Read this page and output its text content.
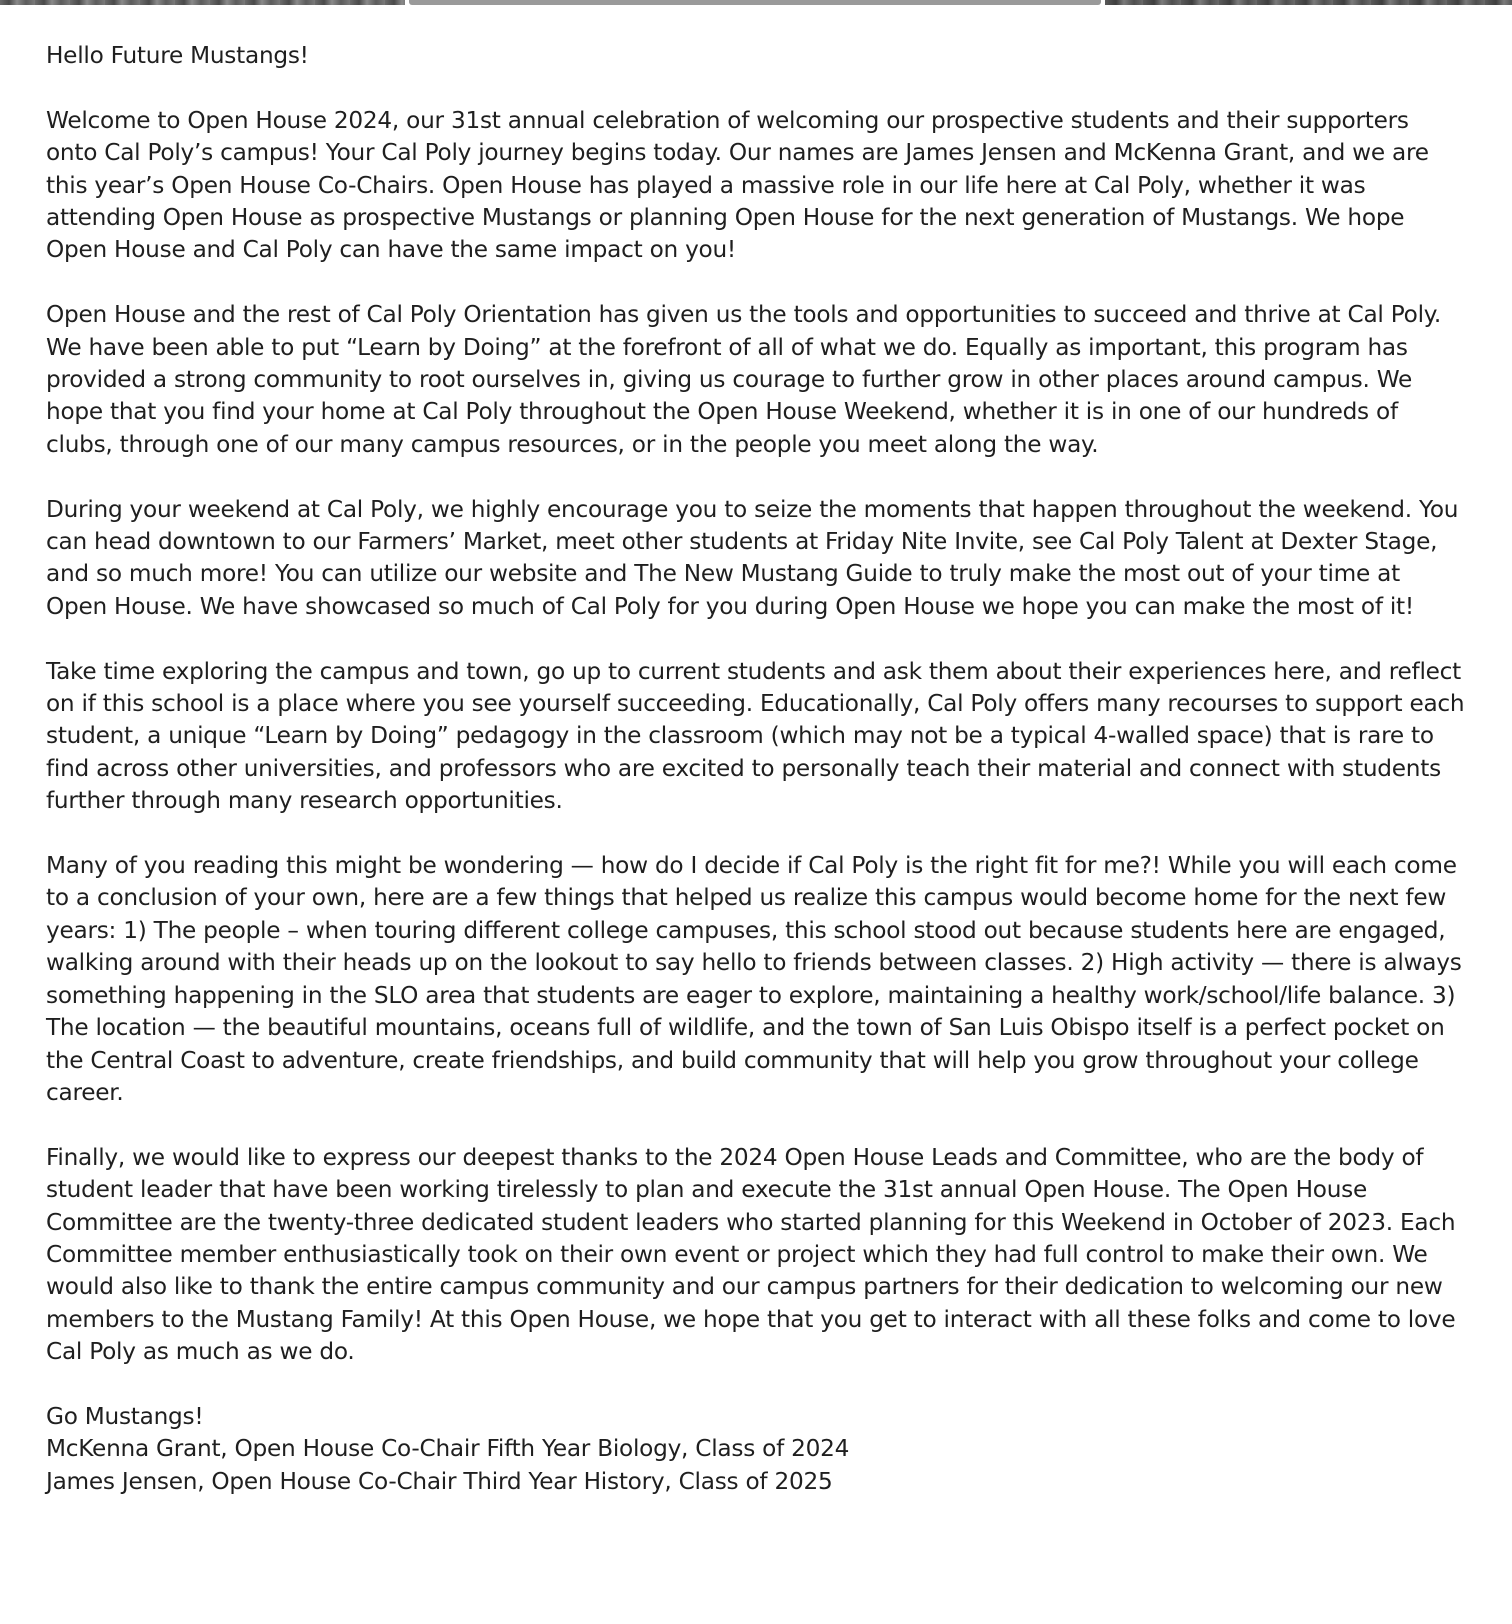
Hello Future Mustangs!

Welcome to Open House 2024, our 31st annual celebration of welcoming our prospective students and their supporters onto Cal Poly’s campus! Your Cal Poly journey begins today. Our names are James Jensen and McKenna Grant, and we are this year’s Open House Co-Chairs. Open House has played a massive role in our life here at Cal Poly, whether it was attending Open House as prospective Mustangs or planning Open House for the next generation of Mustangs. We hope Open House and Cal Poly can have the same impact on you!

Open House and the rest of Cal Poly Orientation has given us the tools and opportunities to succeed and thrive at Cal Poly. We have been able to put “Learn by Doing” at the forefront of all of what we do. Equally as important, this program has provided a strong community to root ourselves in, giving us courage to further grow in other places around campus. We hope that you find your home at Cal Poly throughout the Open House Weekend, whether it is in one of our hundreds of clubs, through one of our many campus resources, or in the people you meet along the way.

During your weekend at Cal Poly, we highly encourage you to seize the moments that happen throughout the weekend. You can head downtown to our Farmers’ Market, meet other students at Friday Nite Invite, see Cal Poly Talent at Dexter Stage, and so much more! You can utilize our website and The New Mustang Guide to truly make the most out of your time at Open House. We have showcased so much of Cal Poly for you during Open House we hope you can make the most of it!

Take time exploring the campus and town, go up to current students and ask them about their experiences here, and reflect on if this school is a place where you see yourself succeeding. Educationally, Cal Poly offers many recourses to support each student, a unique “Learn by Doing” pedagogy in the classroom (which may not be a typical 4-walled space) that is rare to find across other universities, and professors who are excited to personally teach their material and connect with students further through many research opportunities.

Many of you reading this might be wondering — how do I decide if Cal Poly is the right fit for me?! While you will each come to a conclusion of your own, here are a few things that helped us realize this campus would become home for the next few years: 1) The people – when touring different college campuses, this school stood out because students here are engaged, walking around with their heads up on the lookout to say hello to friends between classes. 2) High activity — there is always something happening in the SLO area that students are eager to explore, maintaining a healthy work/school/life balance. 3) The location — the beautiful mountains, oceans full of wildlife, and the town of San Luis Obispo itself is a perfect pocket on the Central Coast to adventure, create friendships, and build community that will help you grow throughout your college career.

Finally, we would like to express our deepest thanks to the 2024 Open House Leads and Committee, who are the body of student leader that have been working tirelessly to plan and execute the 31st annual Open House. The Open House Committee are the twenty-three dedicated student leaders who started planning for this Weekend in October of 2023. Each Committee member enthusiastically took on their own event or project which they had full control to make their own. We would also like to thank the entire campus community and our campus partners for their dedication to welcoming our new members to the Mustang Family! At this Open House, we hope that you get to interact with all these folks and come to love Cal Poly as much as we do.

Go Mustangs!
McKenna Grant, Open House Co-Chair Fifth Year Biology, Class of 2024
James Jensen, Open House Co-Chair Third Year History, Class of 2025
